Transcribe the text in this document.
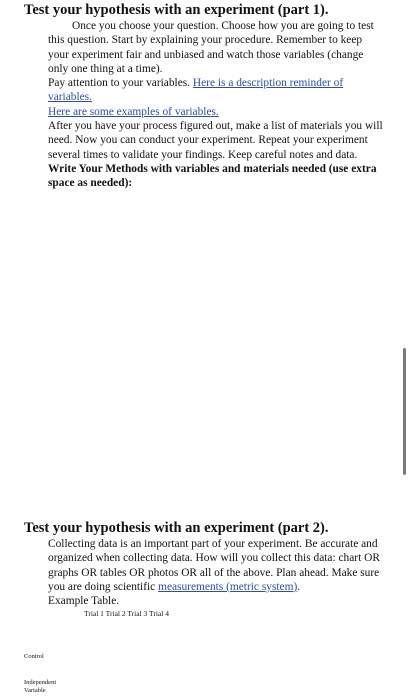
Test your hypothesis with an experiment (part 1).

Once you choose your question. Choose how you are going to test this question. Start by explaining your procedure. Remember to keep your experiment fair and unbiased and watch those variables (change only one thing at a time).

Pay attention to your variables. Here is a description reminder of variables.

Here are some examples of variables.

After you have your process figured out, make a list of materials you will need. Now you can conduct your experiment. Repeat your experiment several times to validate your findings. Keep careful notes and data.

Write Your Methods with variables and materials needed (use extra space as needed):

Test your hypothesis with an experiment (part 2).

Collecting data is an important part of your experiment. Be accurate and organized when collecting data. How will you collect this data: chart OR graphs OR tables OR photos OR all of the above. Plan ahead. Make sure you are doing scientific measurements (metric system).

Example Table.

Trial 1 Trial 2 Trial 3 Trial 4
Control
Independent
Variable
